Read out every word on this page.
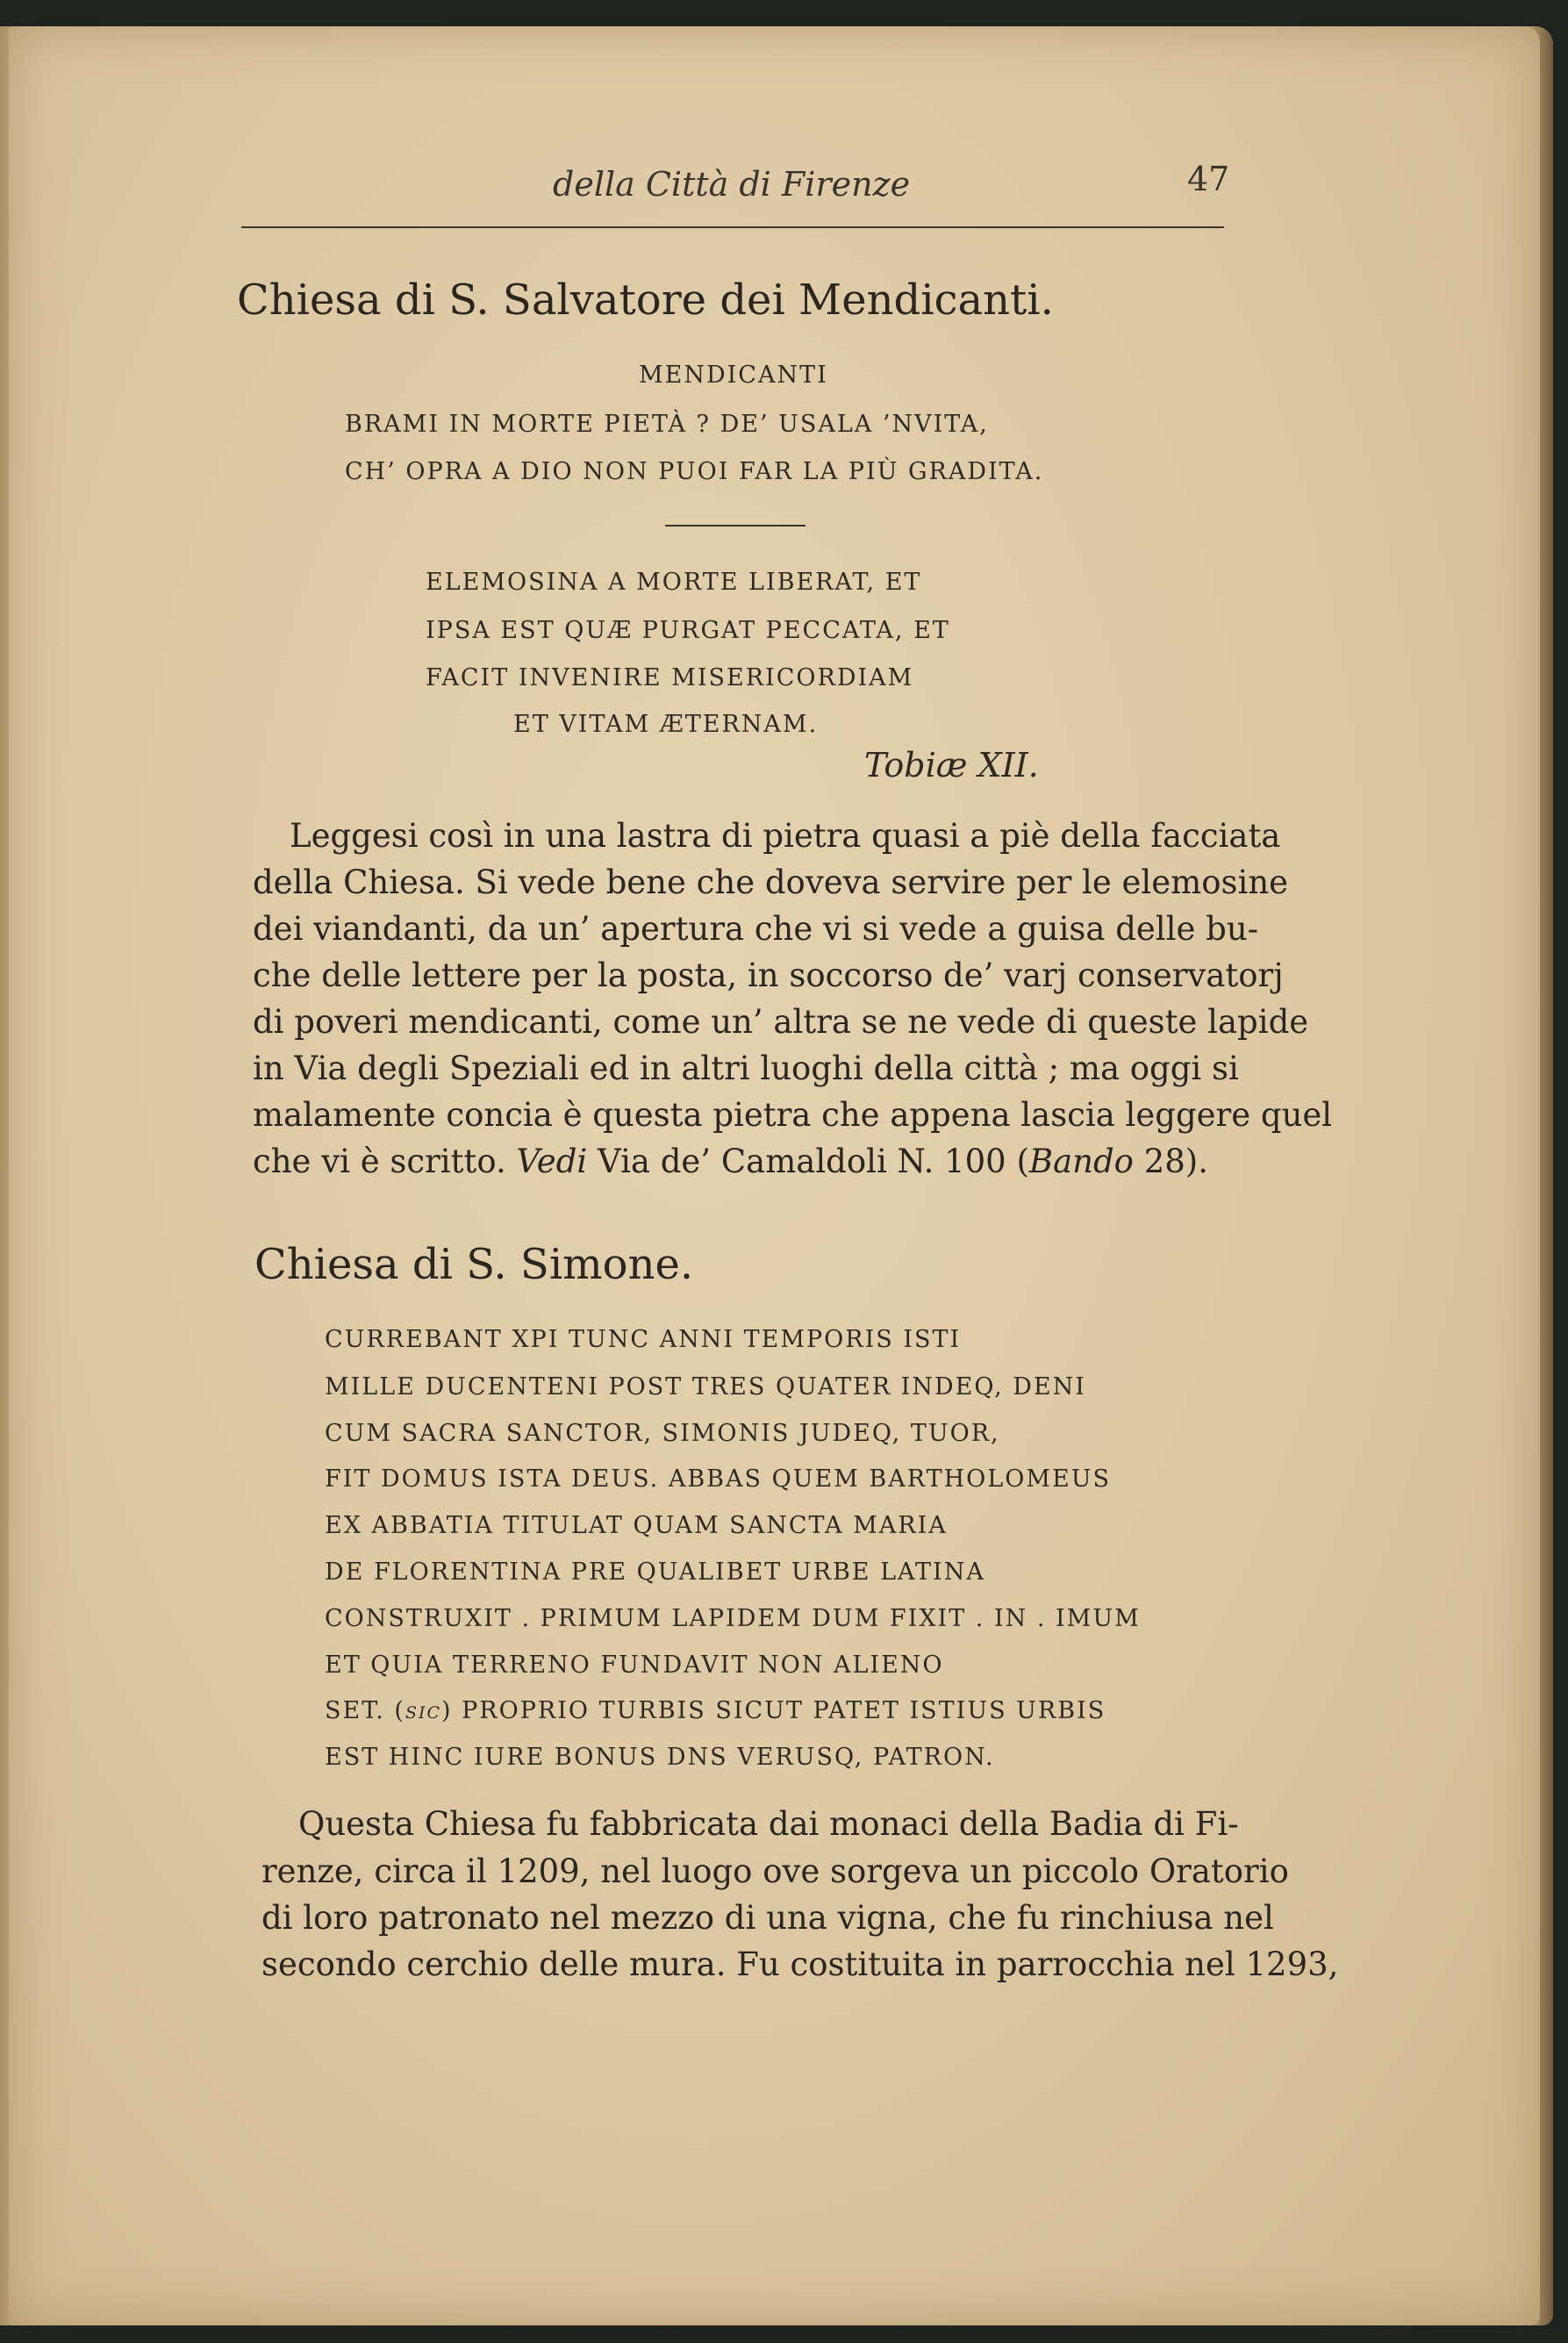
della Città di Firenze	47
Chiesa di S. Salvatore dei Mendicanti.
MENDICANTI
BRAMI IN MORTE PIETÀ ? DE’ USALA ’NVITA,
CH’ OPRA A DIO NON PUOI FAR LA PIÙ GRADITA.
ELEMOSINA A MORTE LIBERAT, ET
IPSA EST QUÆ PURGAT PECCATA, ET
FACIT INVENIRE MISERICORDIAM
ET VITAM ÆTERNAM.
Tobiæ XII.
Leggesi così in una lastra di pietra quasi a piè della facciata
della Chiesa. Si vede bene che doveva servire per le elemosine
dei viandanti, da un’ apertura che vi si vede a guisa delle bu-
che delle lettere per la posta, in soccorso de’ varj conservatorj
di poveri mendicanti, come un’ altra se ne vede di queste lapide
in Via degli Speziali ed in altri luoghi della città ; ma oggi si
malamente concia è questa pietra che appena lascia leggere quel
che vi è scritto. Vedi Via de’ Camaldoli N. 100 (Bando 28).
Chiesa di S. Simone.
CURREBANT XPI TUNC ANNI TEMPORIS ISTI
MILLE DUCENTENI POST TRES QUATER INDEQ, DENI
CUM SACRA SANCTOR, SIMONIS JUDEQ, TUOR,
FIT DOMUS ISTA DEUS. ABBAS QUEM BARTHOLOMEUS
EX ABBATIA TITULAT QUAM SANCTA MARIA
DE FLORENTINA PRE QUALIBET URBE LATINA
CONSTRUXIT . PRIMUM LAPIDEM DUM FIXIT . IN . IMUM
ET QUIA TERRENO FUNDAVIT NON ALIENO
SET. (sic) PROPRIO TURBIS SICUT PATET ISTIUS URBIS
EST HINC IURE BONUS DNS VERUSQ, PATRON.
Questa Chiesa fu fabbricata dai monaci della Badia di Fi-
renze, circa il 1209, nel luogo ove sorgeva un piccolo Oratorio
di loro patronato nel mezzo di una vigna, che fu rinchiusa nel
secondo cerchio delle mura. Fu costituita in parrocchia nel 1293,
